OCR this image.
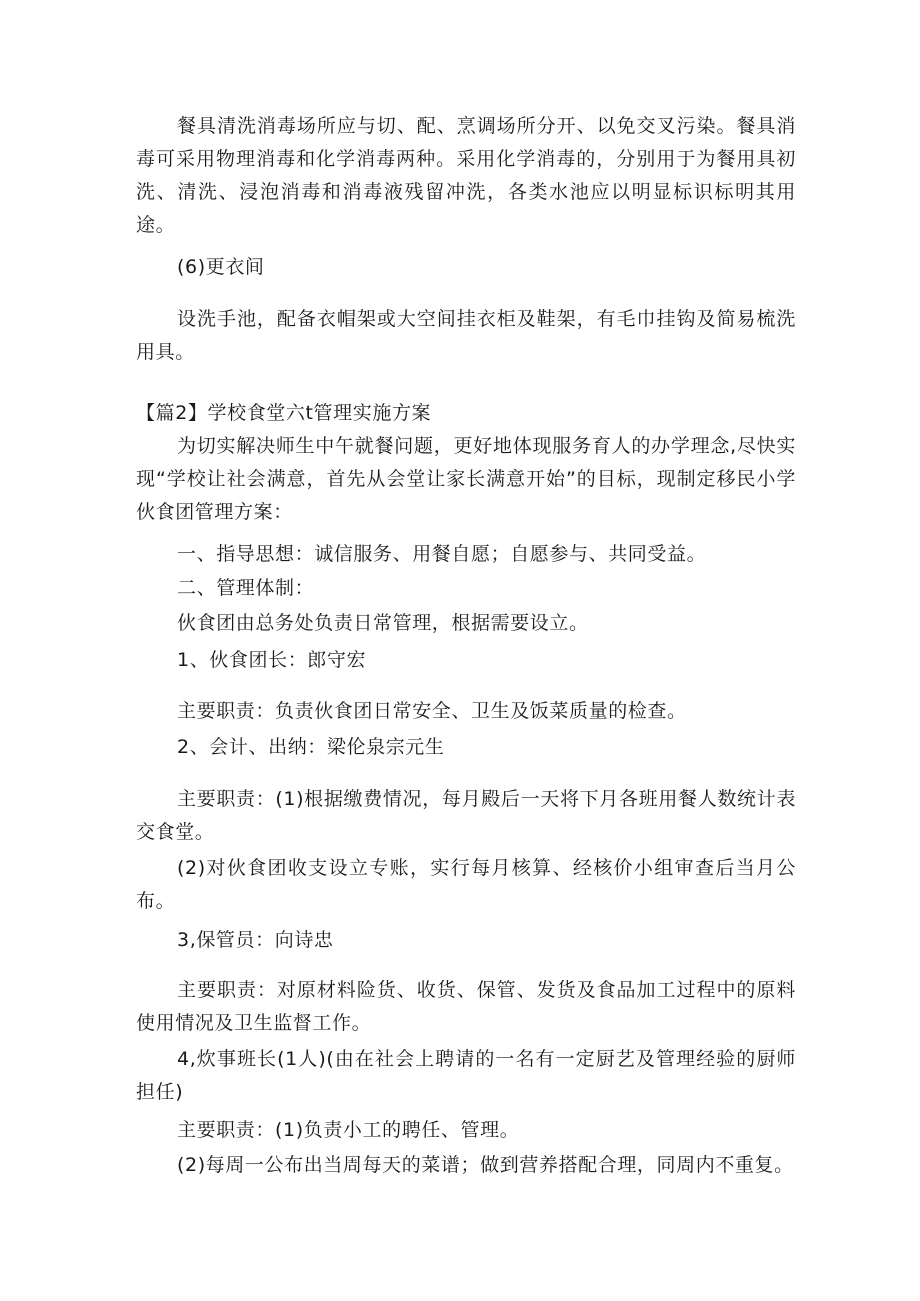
餐具清洗消毒场所应与切、配、烹调场所分开、以免交叉污染。餐具消毒可采用物理消毒和化学消毒两种。采用化学消毒的，分别用于为餐用具初洗、清洗、浸泡消毒和消毒液残留冲洗，各类水池应以明显标识标明其用途。

(6)更衣间

设洗手池，配备衣帽架或大空间挂衣柜及鞋架，有毛巾挂钩及简易梳洗用具。

【篇2】学校食堂六t管理实施方案

为切实解决师生中午就餐问题，更好地体现服务育人的办学理念,尽快实现“学校让社会满意，首先从会堂让家长满意开始”的目标，现制定移民小学伙食团管理方案：

一、指导思想：诚信服务、用餐自愿；自愿参与、共同受益。

二、管理体制：

伙食团由总务处负责日常管理，根据需要设立。

1、伙食团长：郎守宏

主要职责：负责伙食团日常安全、卫生及饭菜质量的检查。

2、会计、出纳：梁伦泉宗元生

主要职责：(1)根据缴费情况，每月殿后一天将下月各班用餐人数统计表交食堂。

(2)对伙食团收支设立专账，实行每月核算、经核价小组审查后当月公布。

3,保管员：向诗忠

主要职责：对原材料险货、收货、保管、发货及食品加工过程中的原料使用情况及卫生监督工作。

4,炊事班长(1人)(由在社会上聘请的一名有一定厨艺及管理经验的厨师担任)

主要职责：(1)负责小工的聘任、管理。

(2)每周一公布出当周每天的菜谱；做到营养搭配合理，同周内不重复。
